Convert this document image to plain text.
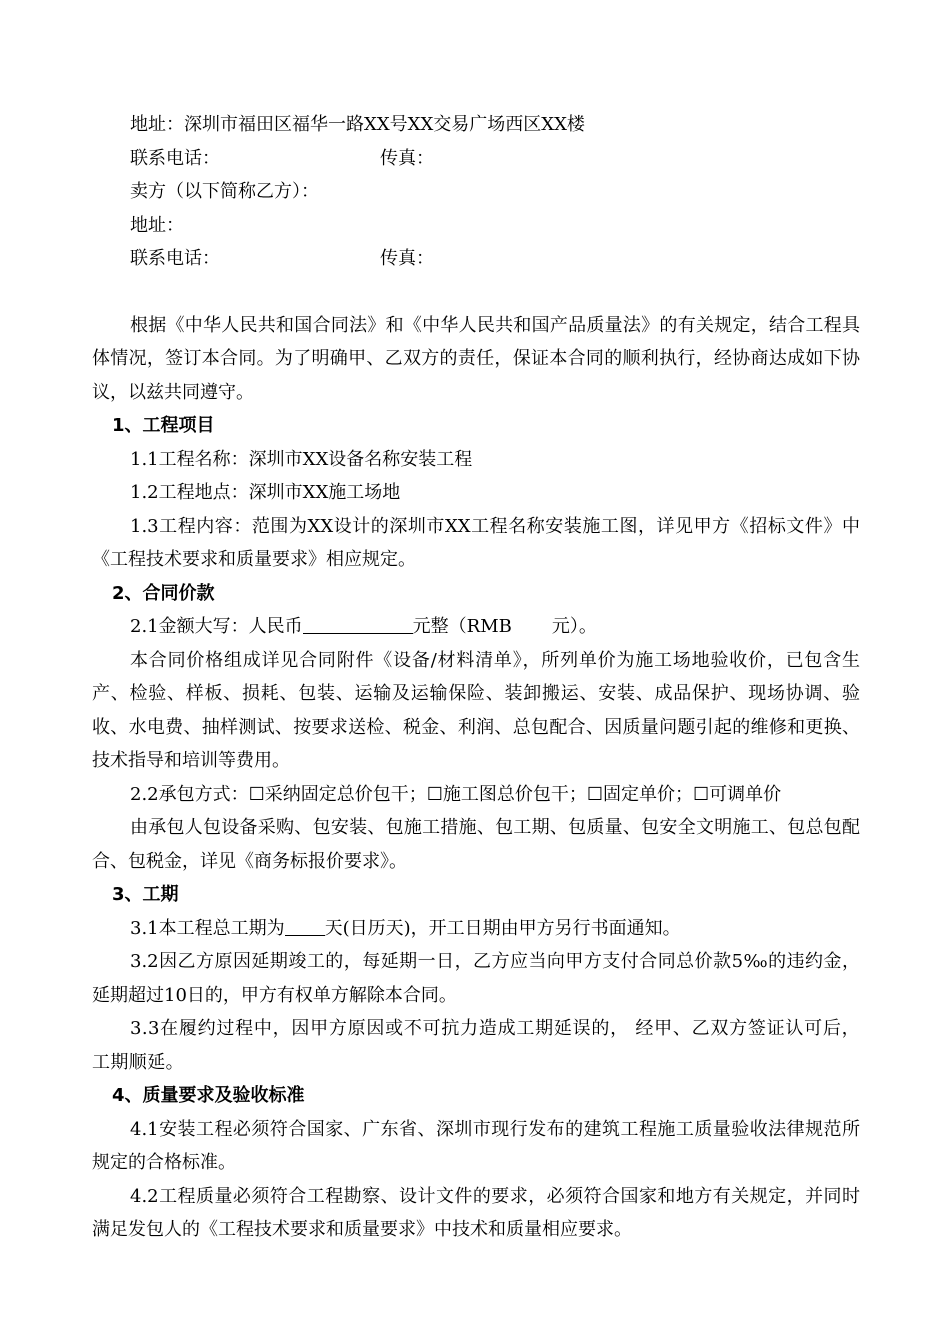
地址：深圳市福田区福华一路XX号XX交易广场西区XX楼
联系电话：	传真：
卖方（以下简称乙方）：
地址：
联系电话：	传真：

根据《中华人民共和国合同法》和《中华人民共和国产品质量法》的有关规定，结合工程具体情况，签订本合同。为了明确甲、乙双方的责任，保证本合同的顺利执行，经协商达成如下协议，以兹共同遵守。

1、工程项目
1.1工程名称：深圳市XX设备名称安装工程
1.2工程地点：深圳市XX施工场地

1.3工程内容：范围为XX设计的深圳市XX工程名称安装施工图，详见甲方《招标文件》中《工程技术要求和质量要求》相应规定。

2、合同价款
2.1金额大写：人民币	元整（RMB 元）。

本合同价格组成详见合同附件《设备/材料清单》，所列单价为施工场地验收价，已包含生产、检验、样板、损耗、包装、运输及运输保险、装卸搬运、安装、成品保护、现场协调、验收、水电费、抽样测试、按要求送检、税金、利润、总包配合、因质量问题引起的维修和更换、技术指导和培训等费用。

2.2承包方式：☐采纳固定总价包干；☐施工图总价包干；☐固定单价；☐可调单价

由承包人包设备采购、包安装、包施工措施、包工期、包质量、包安全文明施工、包总包配合、包税金，详见《商务标报价要求》。

3、工期
3.1本工程总工期为 天(日历天)，开工日期由甲方另行书面通知。

3.2因乙方原因延期竣工的，每延期一日，乙方应当向甲方支付合同总价款5‰的违约金，延期超过10日的，甲方有权单方解除本合同。

3.3在履约过程中，因甲方原因或不可抗力造成工期延误的， 经甲、乙双方签证认可后， 工期顺延。

4、质量要求及验收标准

4.1安装工程必须符合国家、广东省、深圳市现行发布的建筑工程施工质量验收法律规范所规定的合格标准。

4.2工程质量必须符合工程勘察、设计文件的要求，必须符合国家和地方有关规定，并同时满足发包人的《工程技术要求和质量要求》中技术和质量相应要求。
